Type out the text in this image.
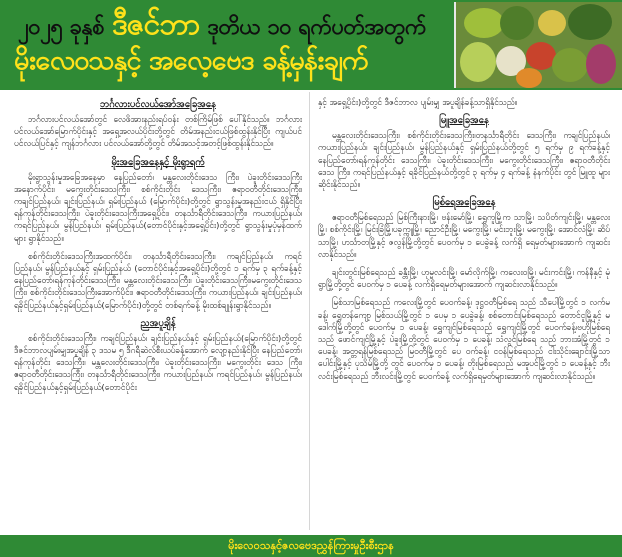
၂၀၂၅ ခုနှစ် ဒီဇင်ဘာ ဒုတိယ ၁၀ ရက်ပတ်အတွက်
မိုးလေဝသနှင့် အလေ့ဗေဒ ခန့်မှန်းချက်
ဘင်္ဂလားပင်လယ်အော်အခြေအနေ

ဘင်္ဂလားပင်လယ်အော်တွင် လေဖိအားနည်းရပ်ဝန်း တစ်ကြိမ်ဖြစ် ပေါ်နိုင်သည်။ ဘင်္ဂလား ပင်လယ်အော်မြောက်ပိုင်းနှင့် အရှေ့အလယ်ပိုင်းတို့တွင် တိမ်အနည်းငယ်ဖြစ်ထွန်းနိုင်ပြီး ကျယ်ပင် ပင်လယ်ပြင်နှင့် ကျန်ဘင်္ဂလား ပင်လယ်အော်တို့တွင် တိမ်အသင့်အတင့်ဖြစ်ထွန်းနိုင်သည်။

မိုးအခြေအနေနှင့် မိုးရွာရက်

မိုးရွာသွန်းမှုအခြေအနေမှာ နေပြည်တော်၊ မန္တလေးတိုင်းဒေသ ကြီး၊ ပဲခူးတိုင်းဒေသကြီး အနောက်ပိုင်း၊ မကွေးတိုင်းဒေသကြီး၊ စစ်ကိုင်းတိုင်း ဒေသကြီး၊ ဧရာဝတီတိုင်းဒေသကြီး၊ ကချင်ပြည်နယ်၊ ချင်းပြည်နယ်၊ ရှမ်းပြည်နယ် (မြောက်ပိုင်း)တို့တွင် ရွာသွန်းမှုအနည်းငယ် ရှိနိုင်ပြီး ရန်ကုန်တိုင်းဒေသကြီး၊ ပဲခူးတိုင်းဒေသကြီးအရှေ့ပိုင်း၊ တနင်္သာရီတိုင်းဒေသကြီး၊ ကယားပြည်နယ်၊ ကရင်ပြည်နယ်၊ မွန်ပြည်နယ်၊ ရှမ်းပြည်နယ်(တောင်ပိုင်းနှင့်အရှေ့ပိုင်း)တို့တွင် ရွာသွန်းမှုပုံမှန်ထက်များ ရွာနိုင်သည်။

စစ်ကိုင်းတိုင်းဒေသကြီးအထက်ပိုင်း၊ တနင်္သာရီတိုင်းဒေသကြီး၊ ကချင်ပြည်နယ်၊ ကရင် ပြည်နယ်၊ မွန်ပြည်နယ်နှင့် ရှမ်းပြည်နယ် (တောင်ပိုင်းနှင့်အရှေ့ပိုင်း)တို့တွင် ၁ ရက်မှ ၃ ရက်ခန့်နှင့် နေပြည်တော်၊ရန်ကုန်တိုင်းဒေသကြီး၊ မန္တလေးတိုင်းဒေသကြီး၊ ပဲခူးတိုင်းဒေသကြီး၊မကွေးတိုင်းဒေသကြီး၊ စစ်ကိုင်းတိုင်းဒေသကြီးအောက်ပိုင်း၊ ဧရာဝတီတိုင်းဒေသကြီး၊ ကယားပြည်နယ်၊ ချင်းပြည်နယ်၊ ရခိုင်ပြည်နယ်နှင့်ရှမ်းပြည်နယ်(မြောက်ပိုင်း)တို့တွင် တစ်ရက်ခန့် မိုးထစ်ချုန်းရွာနိုင်သည်။

ညအပူချိန်

စစ်ကိုင်းတိုင်းဒေသကြီး၊ ကချင်ပြည်နယ်၊ ချင်းပြည်နယ်နှင့် ရှမ်းပြည်နယ်(မြောက်ပိုင်း)တို့တွင် ဒီဇင်ဘာလပျမ်းမျှအပူချိန် ၃ ဒသမ ၅ ဒီဂရီဆဲလ်စီးယပ်ခန့်အောက် လျော့နည်းနိုင်ပြီး နေပြည်တော်၊ ရန်ကုန်တိုင်း ဒေသကြီး၊ မန္တလေးတိုင်းဒေသကြီး၊ ပဲခူးတိုင်းဒေသကြီး၊ မကွေးတိုင်း ဒေသ ကြီး၊ ဧရာဝတီတိုင်းဒေသကြီး၊ တနင်္သာရီတိုင်းဒေသကြီး၊ ကယားပြည်နယ်၊ ကရင်ပြည်နယ်၊ မွန်ပြည်နယ်၊ ရခိုင်ပြည်နယ်နှင့်ရှမ်းပြည်နယ်(တောင်ပိုင်း

နှင့် အရှေ့ပိုင်း)တို့တွင် ဒီဇင်ဘာလ ပျမ်းမျှ အပူချိန်ခန့်သာရှိနိုင်သည်။

မြူအခြေအနေ

မန္တလေးတိုင်းဒေသကြီး၊ စစ်ကိုင်းတိုင်းဒေသကြီး၊တနင်္သာရီတိုင်း ဒေသကြီး၊ ကချင်ပြည်နယ်၊ ကယားပြည်နယ်၊ ချင်းပြည်နယ်၊ မွန်ပြည်နယ်နှင့် ရှမ်းပြည်နယ်တို့တွင် ၅ ရက်မှ ၉ ရက်ခန့်နှင့် နေပြည်တော်၊ရန်ကုန်တိုင်း ဒေသကြီး၊ ပဲခူးတိုင်းဒေသကြီး၊ မကွေးတိုင်းဒေသကြီး၊ ဧရာဝတီတိုင်း ဒေသ ကြီး၊ ကရင်ပြည်နယ်နှင့် ရခိုင်ပြည်နယ်တို့တွင် ၃ ရက်မှ ၄ ရက်ခန့် နံနက်ပိုင်း တွင် မြူထူ များဆိုင်းနိုင်သည်။

မြစ်ရေအခြေအနေ

ဧရာဝတီမြစ်ရေသည် မြစ်ကြီးနားမြို့၊ ဗန်းမော်မြို့၊ ရွှေကူမြို့က သာမြို့၊ သပိတ်ကျင်းမြို့၊ မန္တလေးမြို့၊ စစ်ကိုင်းမြို့၊ မြင်းခြံမြို့၊ပခုက္ကူမြို့၊ ညောင်ဦးမြို့၊ မကွေးမြို့၊ မင်းဘူးမြို့၊ မကွေးမြို့၊ အောင်လံမြို့၊ ဆိပ်သာမြို့၊ ဟင်္သာတမြို့နှင့် ဇလွန်မြို့တို့တွင် ပေ၀က်မှ ၁ ပေခွဲခန့် လက်ရှိ ရေမှတ်များအောက် ကျဆင်းလာနိုင်သည်။

ချင်းတွင်းမြစ်ရေသည် ခန္တီးမြို့၊ ဟုမ္မလင်းမြို့၊ မော်လိုက်မြို့၊ ကလေးဝမြို့၊ မင်းကင်းမြို့၊ ကန်နီနှင့် မုံရွာမြို့တို့တွင် ပေ၀က်မှ ၁ ပေခန့် လက်ရှိရေမှတ်များအောက် ကျဆင်းလာနိုင်သည်။

မြစ်သာမြစ်ရေသည် ကလေးမြို့တွင် ပေ၀က်ခန့်၊ ဒုဋ္ဌဝတီမြစ်ရေ သည် သီပေါမြို့တွင် ၁ လက်မခန့်၊ ရွှေတန်ကျော့ မြစ်သယ်မြို့တွင် ၁ ပေမှ ၁ ပေခွဲခန့်၊ စစ်တောင်းမြစ်ရေသည် တောင်ငူမြို့နှင့် မဒေါက်မြို့တို့တွင် ပေ၀က်မှ ၁ ပေခန့်၊ ရွှေကျင်မြစ်ရေသည် ရွှေကျင်မြို့တွင် ပေ၀က်ခန့်၊ဗဟိုမြစ်ရေသည် ဖောင်ကျင်မြို့နှင့် ပဲခူးမြို့တို့တွင် ပေ၀က်မှ ၁ ပေခန့်၊ သံလွင်မြစ်ရေ သည် ဘားအံမြို့တွင် ၁ ပေခန့်၊ အတ္တရန်မြစ်ရေသည် မြဝတီမြို့တွင် ပေ ၀က်ခန့်၊ ငဝန်မြစ်ရေသည် ငါးသိုင်းချောင်းမြို့သာပေါင်းမြို့နှင့် ပုသိမ်မြို့တို့ တွင် ပေ၀က်မှ ၁ ပေခန့်၊ တိုးမြစ်ရေသည် မအူပင်မြို့တွင် ၁ ပေခန့်နှင့် ဘီး လင်းမြစ်ရေသည် ဘီးလင်းမြို့တွင် ပေ၀က်ခန့် လက်ရှိရေမှတ်များအောက် ကျဆင်းလာနိုင်သည်။

မိုးလေဝသနှင့်ဇလဗေဒညွှန်ကြားမှုဦးစီးဌာန
